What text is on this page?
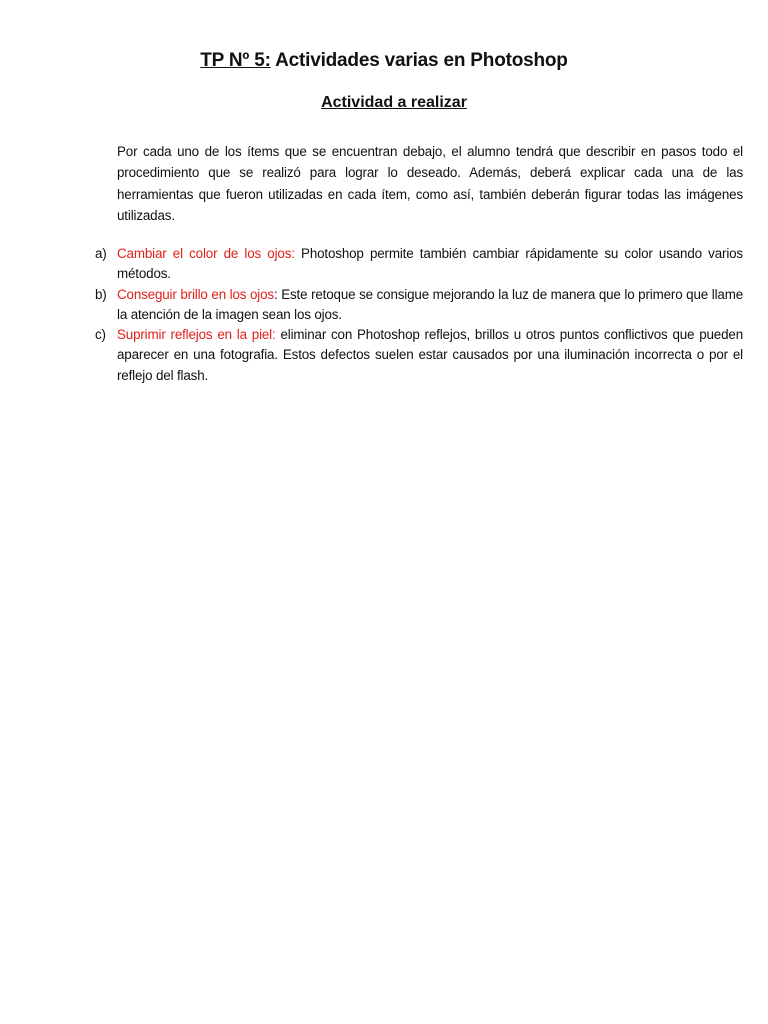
TP Nº 5: Actividades varias en Photoshop
Actividad a realizar

Por cada uno de los ítems que se encuentran debajo, el alumno tendrá que describir en pasos todo el procedimiento que se realizó para lograr lo deseado. Además, deberá explicar cada una de las herramientas que fueron utilizadas en cada ítem, como así, también deberán figurar todas las imágenes utilizadas.

a) Cambiar el color de los ojos: Photoshop permite también cambiar rápidamente su color usando varios métodos.
b) Conseguir brillo en los ojos: Este retoque se consigue mejorando la luz de manera que lo primero que llame la atención de la imagen sean los ojos.
c) Suprimir reflejos en la piel: eliminar con Photoshop reflejos, brillos u otros puntos conflictivos que pueden aparecer en una fotografia. Estos defectos suelen estar causados por una iluminación incorrecta o por el reflejo del flash.
